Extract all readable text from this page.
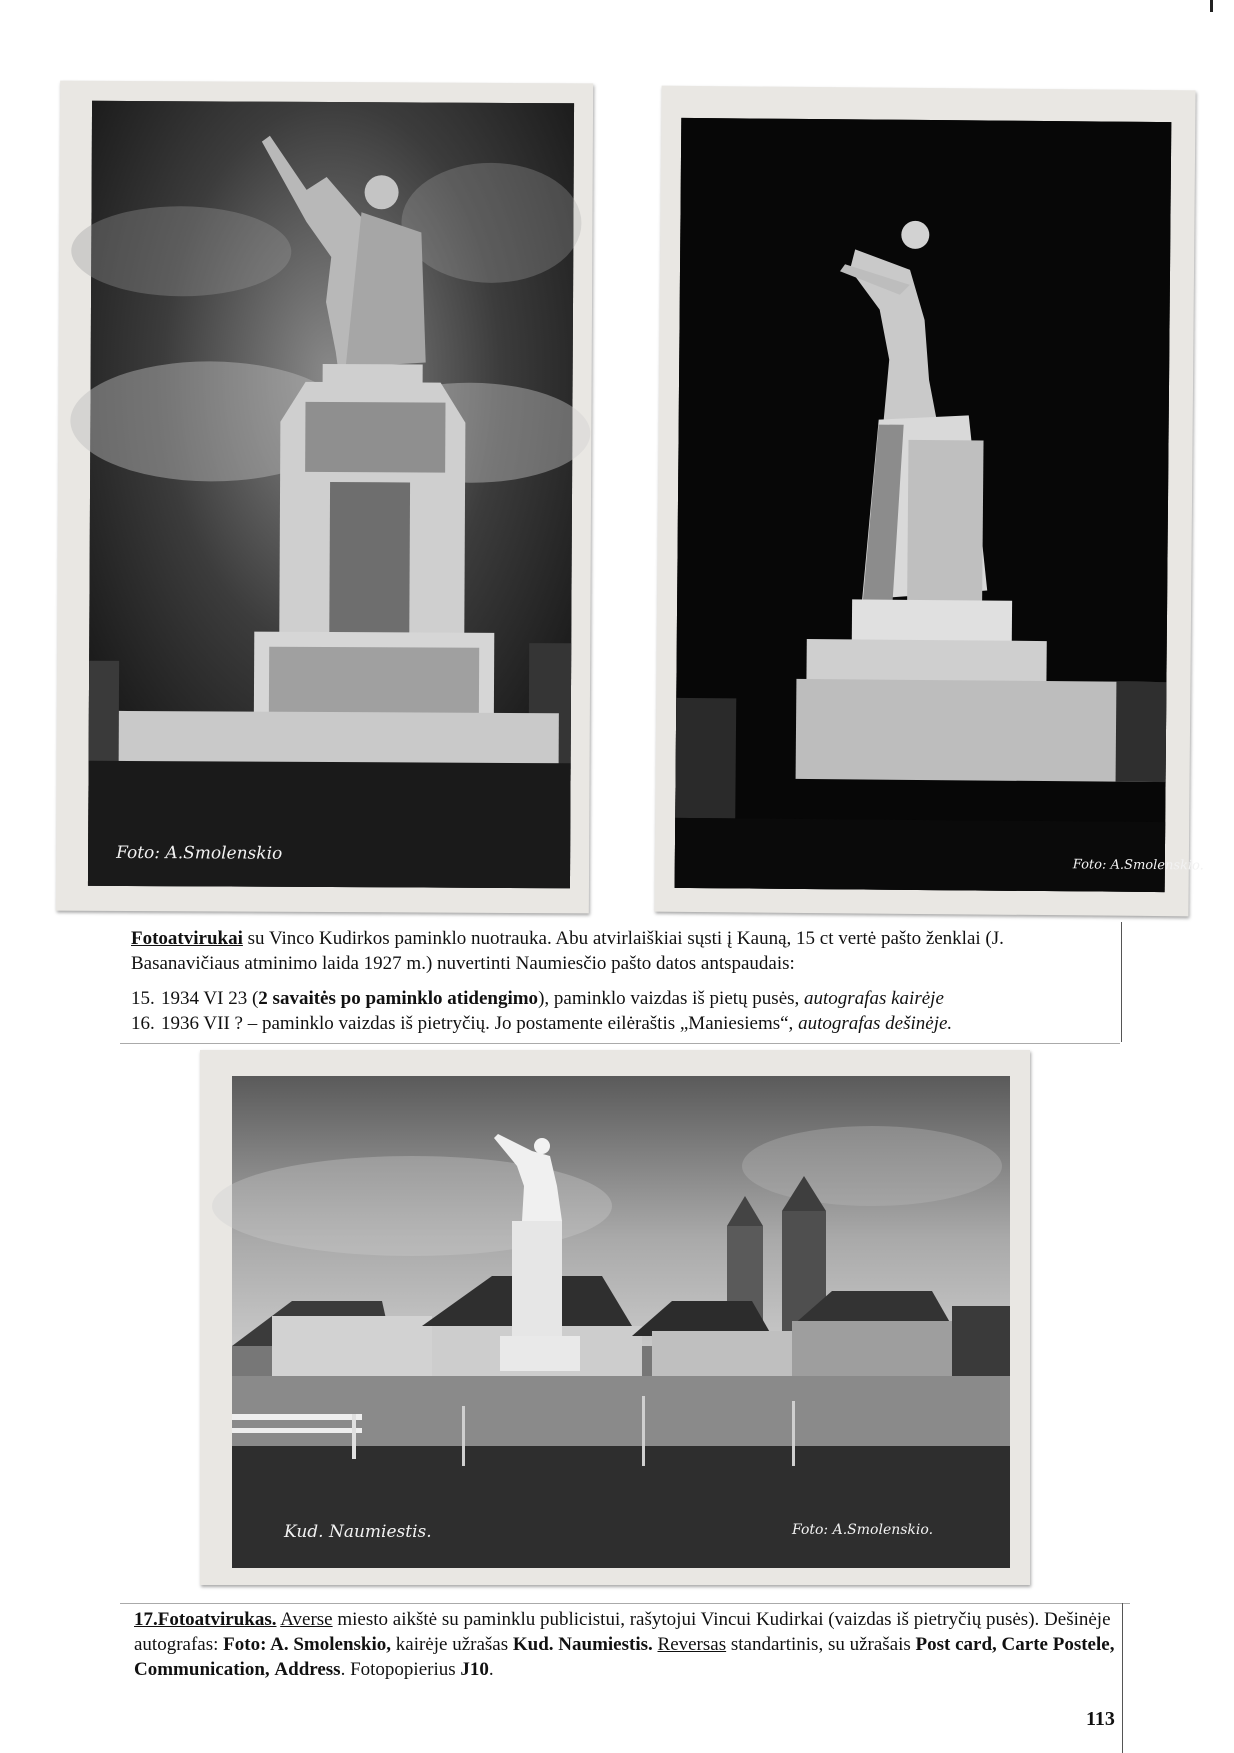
Foto: A.Smolenskio
Foto: A.Smolenskio.

Fotoatvirukai su Vinco Kudirkos paminklo nuotrauka. Abu atvirlaiškiai sųsti į Kauną, 15 ct vertė pašto ženklai (J. Basanavičiaus atminimo laida 1927 m.) nuvertinti Naumiesčio pašto datos antspaudais:

15. 1934 VI 23 (2 savaitės po paminklo atidengimo), paminklo vaizdas iš pietų pusės, autografas kairėje
16. 1936 VII ? – paminklo vaizdas iš pietryčių. Jo postamente eilėraštis „Maniesiems“, autografas dešinėje.
Kud. Naumiestis.	Foto: A.Smolenskio.

17.Fotoatvirukas. Averse miesto aikštė su paminklu publicistui, rašytojui Vincui Kudirkai (vaizdas iš pietryčių pusės). Dešinėje autografas: Foto: A. Smolenskio, kairėje užrašas Kud. Naumiestis. Reversas standartinis, su užrašais Post card, Carte Postele, Communication, Address. Fotopopierius J10.

113
